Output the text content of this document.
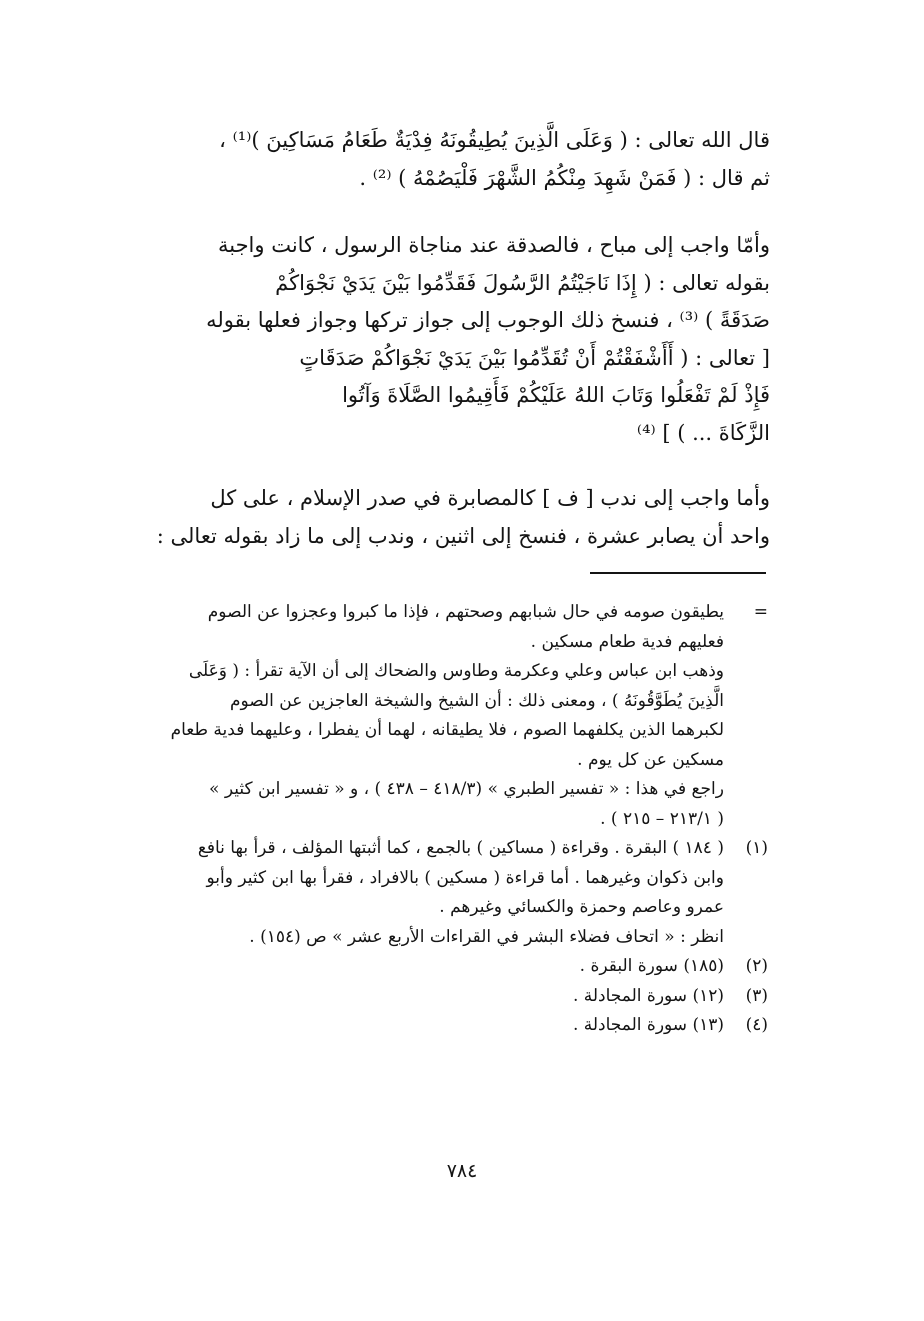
قال الله تعالى : ( وَعَلَى الَّذِينَ يُطِيقُونَهُ فِدْيَةٌ طَعَامُ مَسَاكِينَ )⁽¹⁾ ،

ثم قال : ( فَمَنْ شَهِدَ مِنْكُمُ الشَّهْرَ فَلْيَصُمْهُ ) ⁽²⁾ .

وأمّا واجب إلى مباح ، فالصدقة عند مناجاة الرسول ، كانت واجبة

بقوله تعالى : ( إِذَا نَاجَيْتُمُ الرَّسُولَ فَقَدِّمُوا بَيْنَ يَدَيْ نَجْوَاكُمْ

صَدَقَةً ) ⁽³⁾ ، فنسخ ذلك الوجوب إلى جواز تركها وجواز فعلها بقوله

[ تعالى : ( أَأَشْفَقْتُمْ أَنْ تُقَدِّمُوا بَيْنَ يَدَيْ نَجْوَاكُمْ صَدَقَاتٍ

فَإِذْ لَمْ تَفْعَلُوا وَتَابَ اللهُ عَلَيْكُمْ فَأَقِيمُوا الصَّلَاةَ وَآتُوا

الزَّكَاةَ ... ) ] ⁽⁴⁾

وأما واجب إلى ندب [ ف ] كالمصابرة في صدر الإسلام ، على كل

واحد أن يصابر عشرة ، فنسخ إلى اثنين ، وندب إلى ما زاد بقوله تعالى :

=

يطيقون صومه في حال شبابهم وصحتهم ، فإذا ما كبروا وعجزوا عن الصوم

فعليهم فدية طعام مسكين .

وذهب ابن عباس وعلي وعكرمة وطاوس والضحاك إلى أن الآية تقرأ : ( وَعَلَى

الَّذِينَ يُطَوَّقُونَهُ ) ، ومعنى ذلك : أن الشيخ والشيخة العاجزين عن الصوم

لكبرهما الذين يكلفهما الصوم ، فلا يطيقانه ، لهما أن يفطرا ، وعليهما فدية طعام

مسكين عن كل يوم .

راجع في هذا : « تفسير الطبري » (٤١٨/٣ – ٤٣٨ ) ، و « تفسير ابن كثير »

( ٢١٣/١ – ٢١٥ ) .

(١)

( ١٨٤ ) البقرة . وقراءة ( مساكين ) بالجمع ، كما أثبتها المؤلف ، قرأ بها نافع

وابن ذكوان وغيرهما . أما قراءة ( مسكين ) بالافراد ، فقرأ بها ابن كثير وأبو

عمرو وعاصم وحمزة والكسائي وغيرهم .

انظر : « اتحاف فضلاء البشر في القراءات الأربع عشر » ص (١٥٤) .

(٢)

(١٨٥) سورة البقرة .

(٣)

(١٢) سورة المجادلة .

(٤)

(١٣) سورة المجادلة .

٧٨٤
